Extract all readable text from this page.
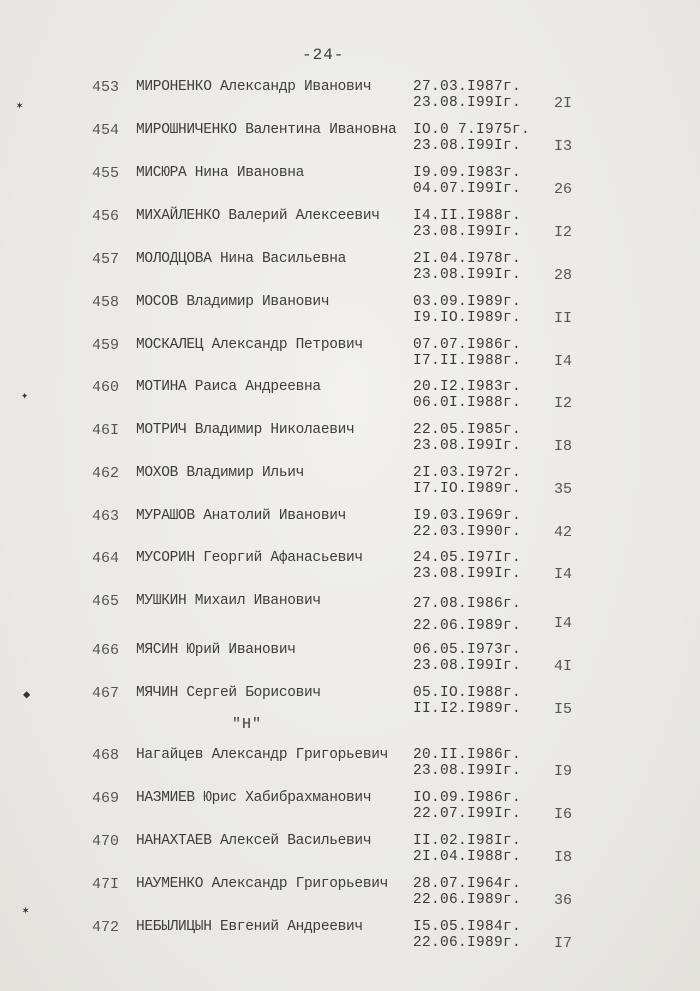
-24-
453	МИРОНЕНКО Александр Иванович	27.03.I987г.
23.08.I99Iг.	2I
454	МИРОШНИЧЕНКО Валентина Ивановна IO.0 7.I975г.
23.08.I99Iг.	I3
455	МИСЮРА Нина Ивановна	I9.09.I983г.
04.07.I99Iг.	26
456	МИХАЙЛЕНКО Валерий Алексеевич I4.II.I988г.
23.08.I99Iг.	I2
457	МОЛОДЦОВА Нина Васильевна	2I.04.I978г.
23.08.I99Iг.	28
458	МОСОВ Владимир Иванович	03.09.I989г.
I9.IO.I989г.	II
459	МОСКАЛЕЦ Александр Петрович	07.07.I986г.
I7.II.I988г.	I4
460	МОТИНА Раиса Андреевна	20.I2.I983г.
06.0I.I988г.	I2
46I	МОТРИЧ Владимир Николаевич	22.05.I985г.
23.08.I99Iг.	I8
462	МОХОВ Владимир Ильич	2I.03.I972г.
I7.IO.I989г.	35
463	МУРАШОВ Анатолий Иванович	I9.03.I969г.
22.03.I990г.	42
464	МУСОРИН Георгий Афанасьевич	24.05.I97Iг.
23.08.I99Iг.	I4
465	МУШКИН Михаил Иванович	27.08.I986г.
22.06.I989г.	I4
466	МЯСИН Юрий Иванович	06.05.I973г.
23.08.I99Iг.	4I
467	МЯЧИН Сергей Борисович	05.IO.I988г.
II.I2.I989г.	I5
"Н"
468	Нагайцев Александр Григорьевич 20.II.I986г.
23.08.I99Iг.	I9
469	НАЗМИЕВ Юрис Хабибрахманович	IO.09.I986г.
22.07.I99Iг.	I6
470	НАНАХТАЕВ Алексей Васильевич	II.02.I98Iг.
2I.04.I988г.	I8
47I	НАУМЕНКО Александр Григорьевич 28.07.I964г.
22.06.I989г.	36
472	НЕБЫЛИЦЫН Евгений Андреевич	I5.05.I984г.
22.06.I989г.	I7
✶
✦
◆
✶
